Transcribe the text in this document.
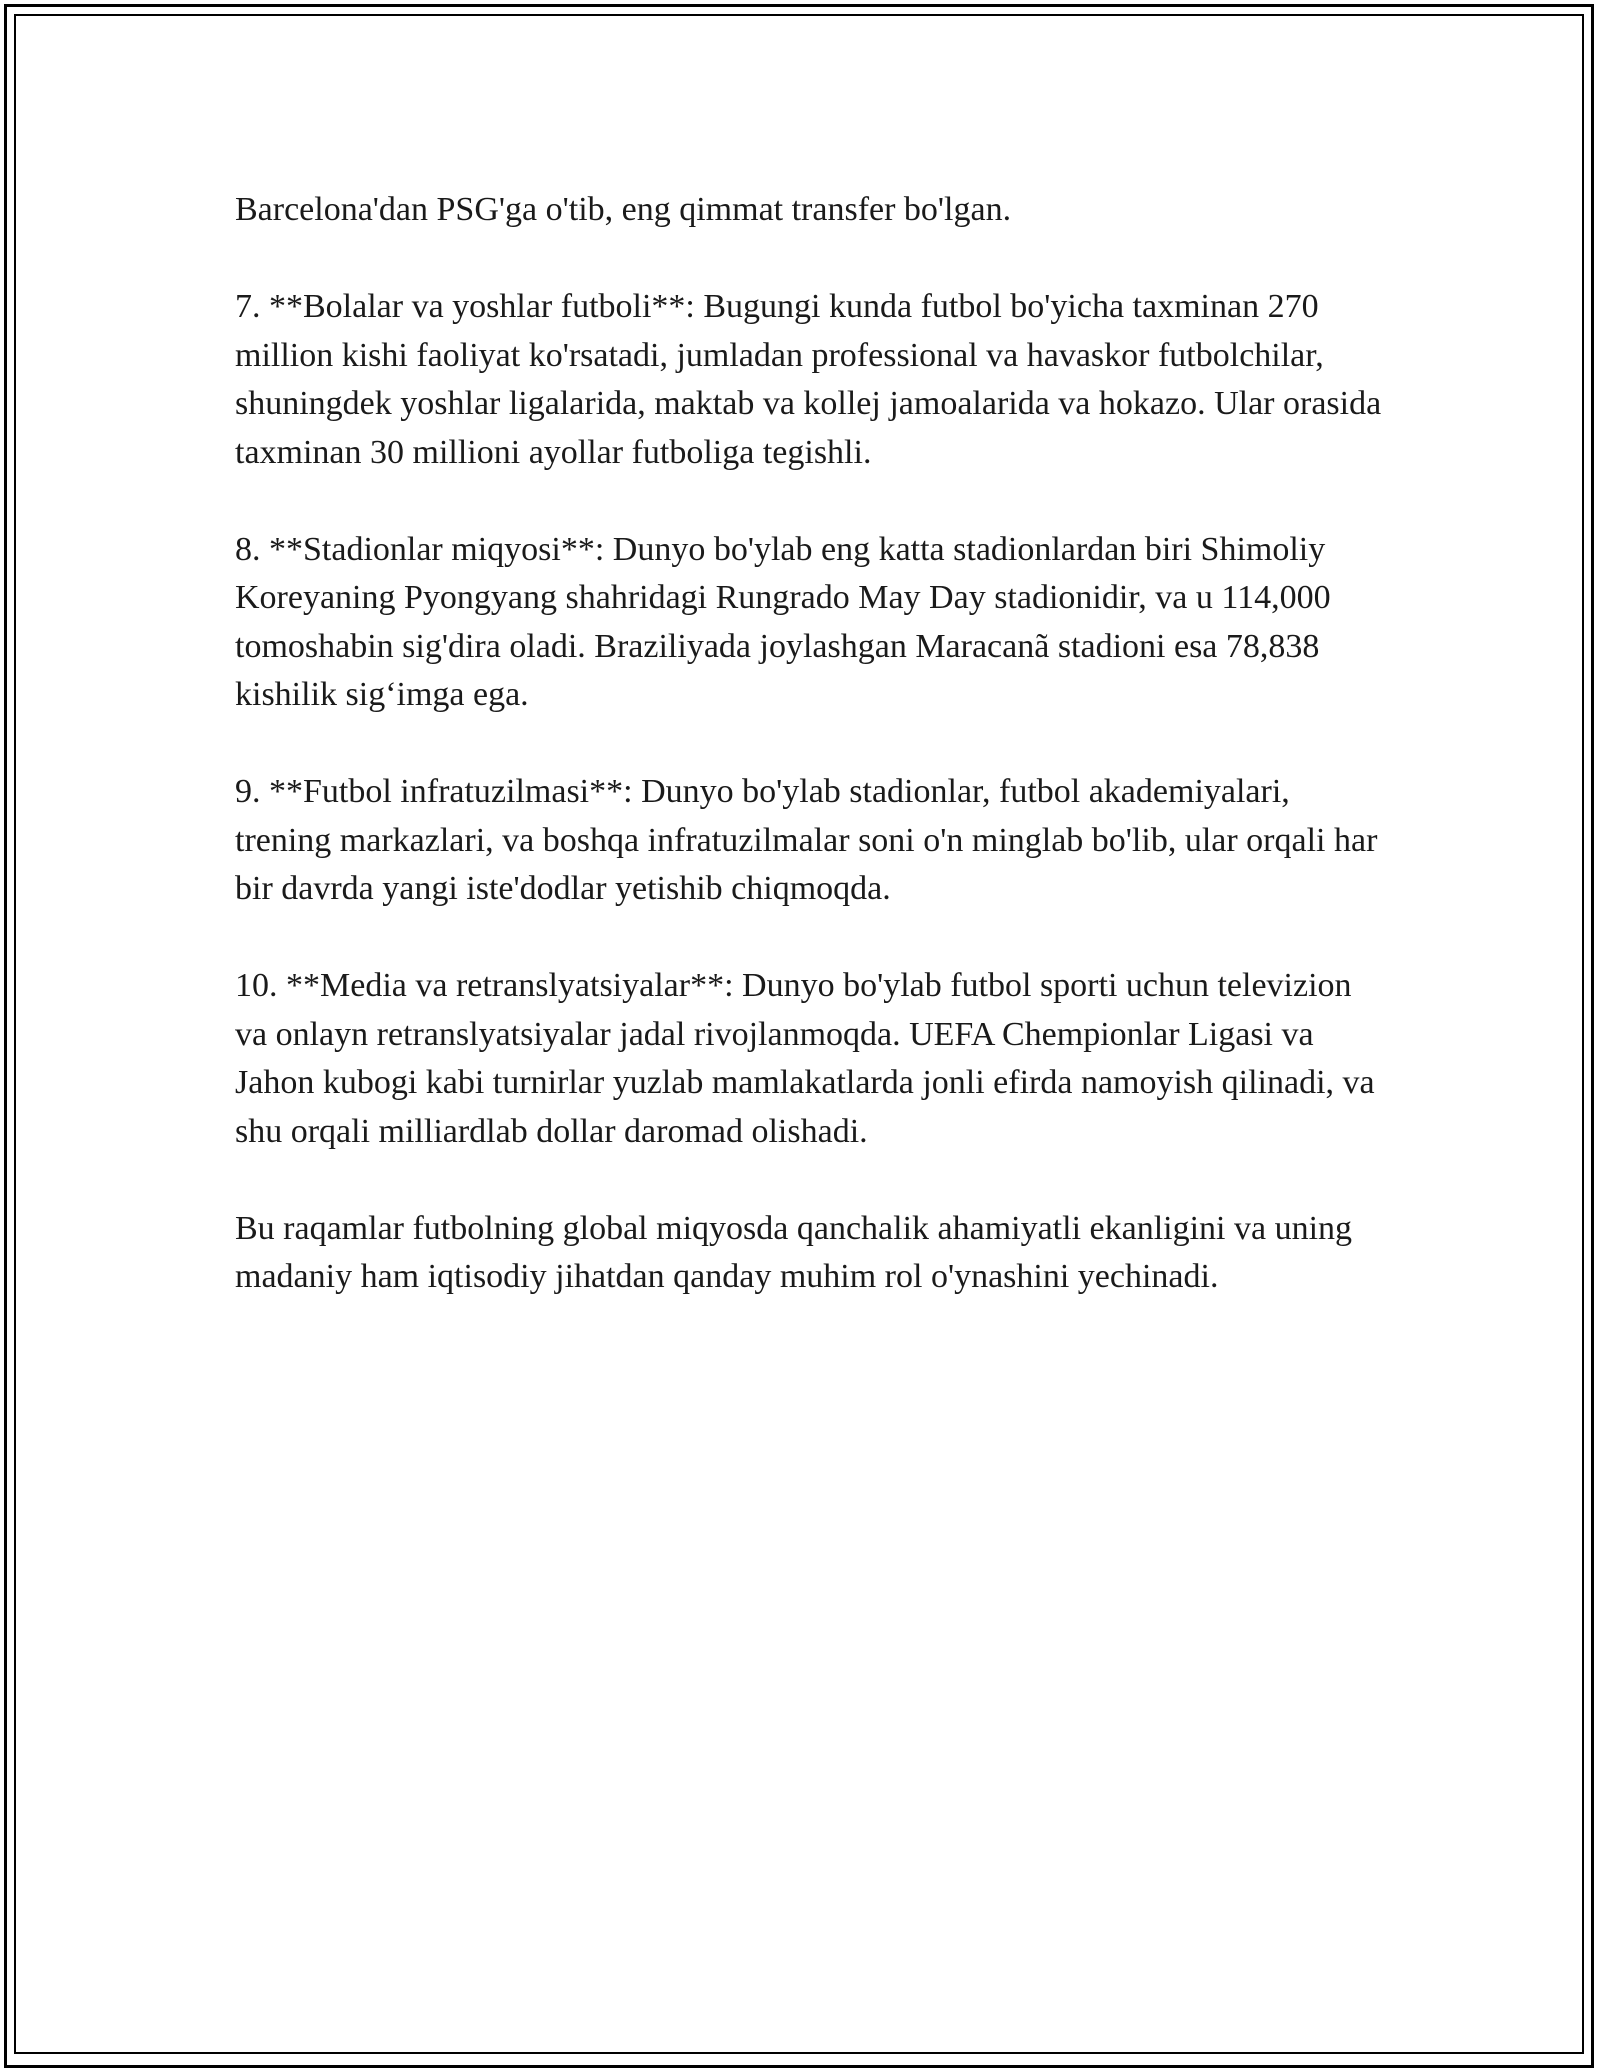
Barcelona'dan PSG'ga o'tib, eng qimmat transfer bo'lgan.

7. **Bolalar va yoshlar futboli**: Bugungi kunda futbol bo'yicha taxminan 270 million kishi faoliyat ko'rsatadi, jumladan professional va havaskor futbolchilar, shuningdek yoshlar ligalarida, maktab va kollej jamoalarida va hokazo. Ular orasida taxminan 30 millioni ayollar futboliga tegishli.

8. **Stadionlar miqyosi**: Dunyo bo'ylab eng katta stadionlardan biri Shimoliy Koreyaning Pyongyang shahridagi Rungrado May Day stadionidir, va u 114,000 tomoshabin sig'dira oladi. Braziliyada joylashgan Maracanã stadioni esa 78,838 kishilik sig‘imga ega.

9. **Futbol infratuzilmasi**: Dunyo bo'ylab stadionlar, futbol akademiyalari, trening markazlari, va boshqa infratuzilmalar soni o'n minglab bo'lib, ular orqali har bir davrda yangi iste'dodlar yetishib chiqmoqda.

10. **Media va retranslyatsiyalar**: Dunyo bo'ylab futbol sporti uchun televizion va onlayn retranslyatsiyalar jadal rivojlanmoqda. UEFA Chempionlar Ligasi va Jahon kubogi kabi turnirlar yuzlab mamlakatlarda jonli efirda namoyish qilinadi, va shu orqali milliardlab dollar daromad olishadi.

Bu raqamlar futbolning global miqyosda qanchalik ahamiyatli ekanligini va uning madaniy ham iqtisodiy jihatdan qanday muhim rol o'ynashini yechinadi.
